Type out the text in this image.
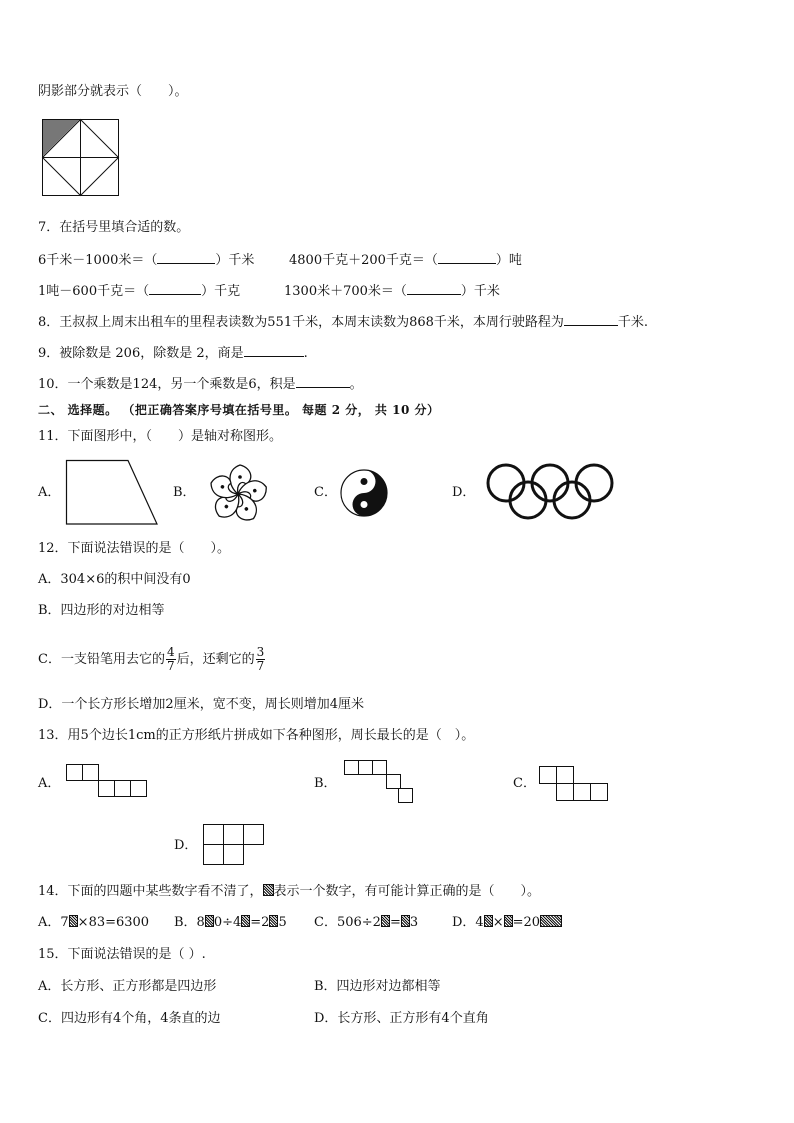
阴影部分就表示（　　）。
7．在括号里填合适的数。
6千米－1000米＝（	）千米	4800千克＋200千克＝（	）吨
1吨－600千克＝（	）千克	1300米＋700米＝（	）千米
8．王叔叔上周末出租车的里程表读数为551千米，本周末读数为868千米，本周行驶路程为	千米.
9．被除数是 206，除数是 2，商是	.
10．一个乘数是124，另一个乘数是6，积是	。
二、 选择题。 （把正确答案序号填在括号里。 每题 2 分， 共 10 分）
11．下面图形中，（　　）是轴对称图形。
A．	B．	C．	D．
12．下面说法错误的是（　　）。
A．304×6的积中间没有0
B．四边形的对边相等
C．一支铅笔用去它的 $\frac{4}{7}$ 后，还剩它的 $\frac{3}{7}$
D．一个长方形长增加2厘米，宽不变，周长则增加4厘米
13．用5个边长1cm的正方形纸片拼成如下各种图形，周长最长的是（　）。
A．	B．	C．
D．
14．下面的四题中某些数字看不清了， 表示一个数字，有可能计算正确的是（　　）。
A．7 ×83=6300 B．8 0÷4 =2 5 C．506÷2 = 3	D．4 × =20
15．下面说法错误的是（ ）.
A．长方形、正方形都是四边形	B．四边形对边都相等
C．四边形有4个角，4条直的边	D．长方形、正方形有4个直角
